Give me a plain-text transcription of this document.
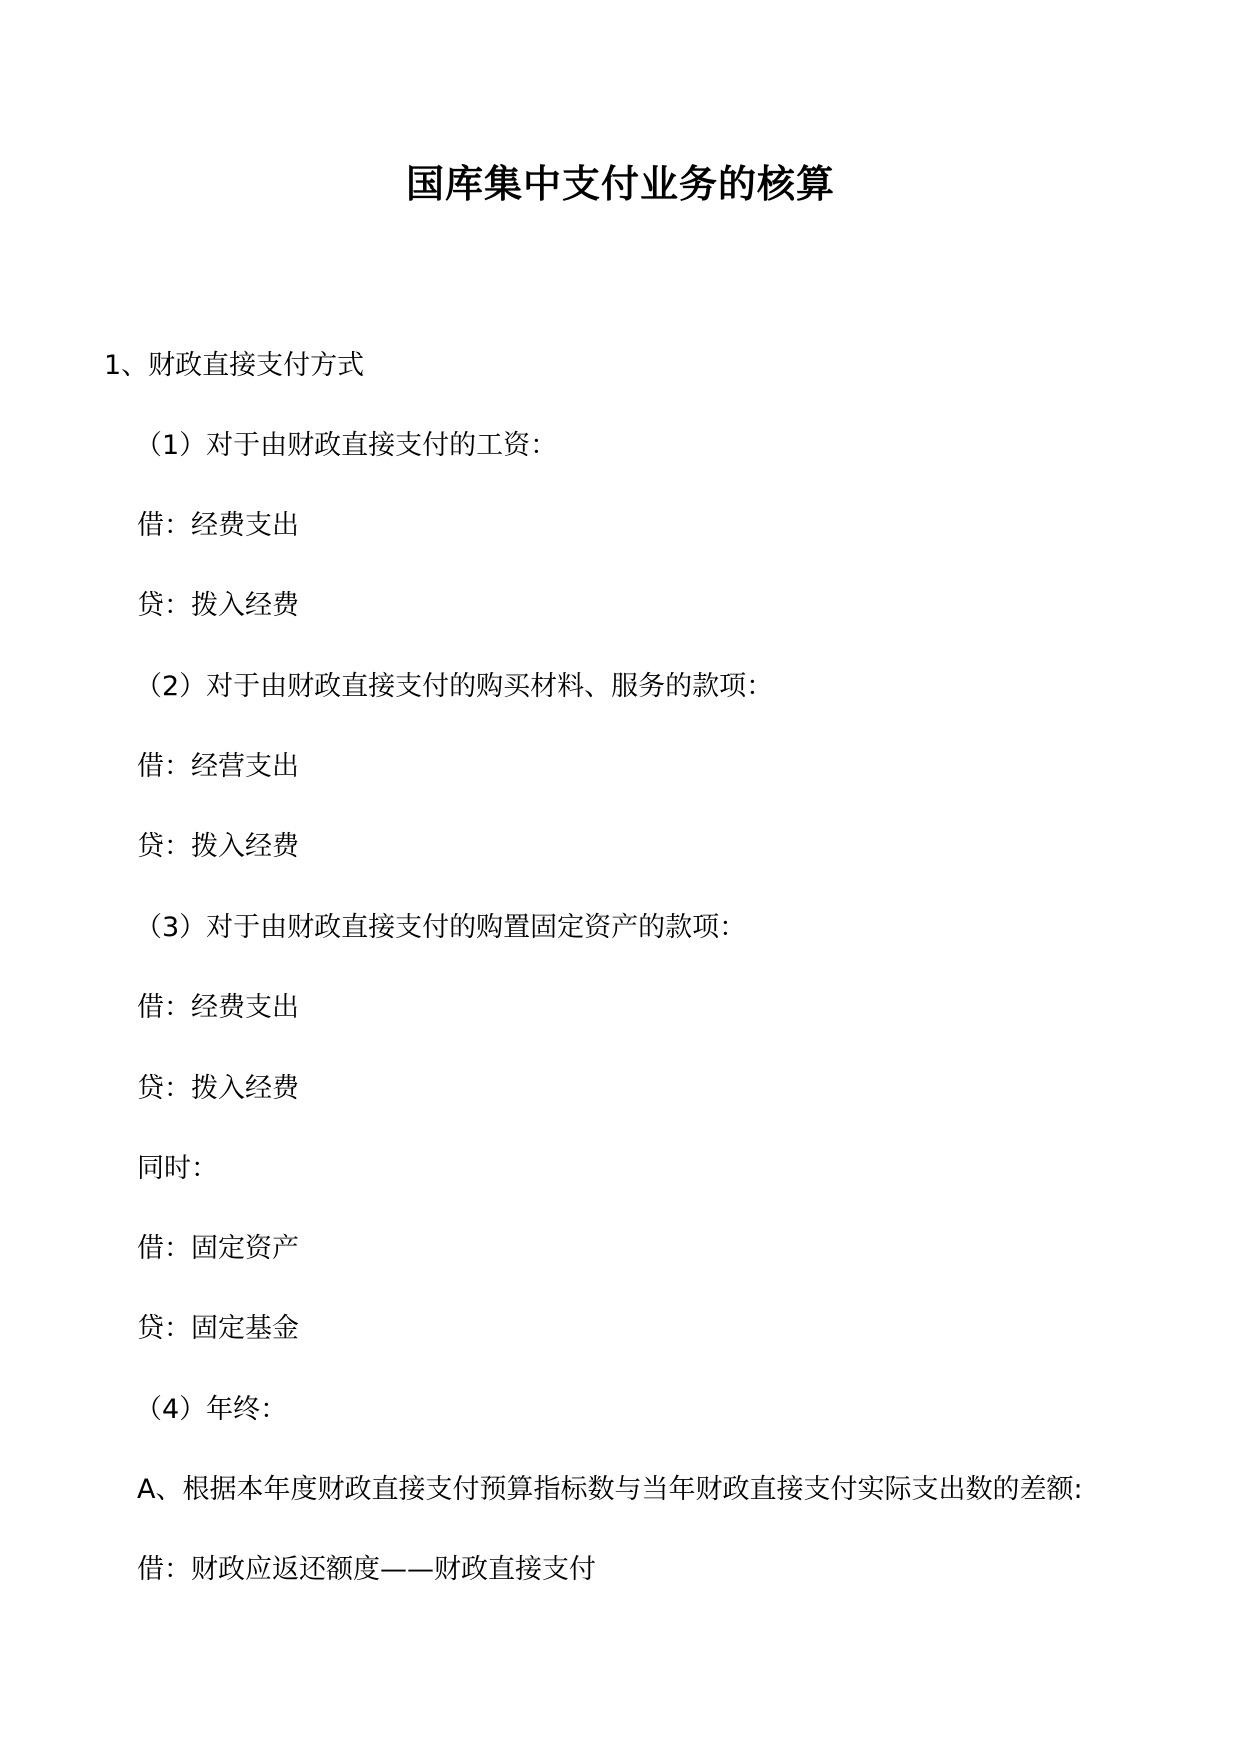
国库集中支付业务的核算
1、财政直接支付方式
（1）对于由财政直接支付的工资：
借：经费支出
贷：拨入经费
（2）对于由财政直接支付的购买材料、服务的款项：
借：经营支出
贷：拨入经费
（3）对于由财政直接支付的购置固定资产的款项：
借：经费支出
贷：拨入经费
同时：
借：固定资产
贷：固定基金
（4）年终：
A、根据本年度财政直接支付预算指标数与当年财政直接支付实际支出数的差额:
借：财政应返还额度——财政直接支付
